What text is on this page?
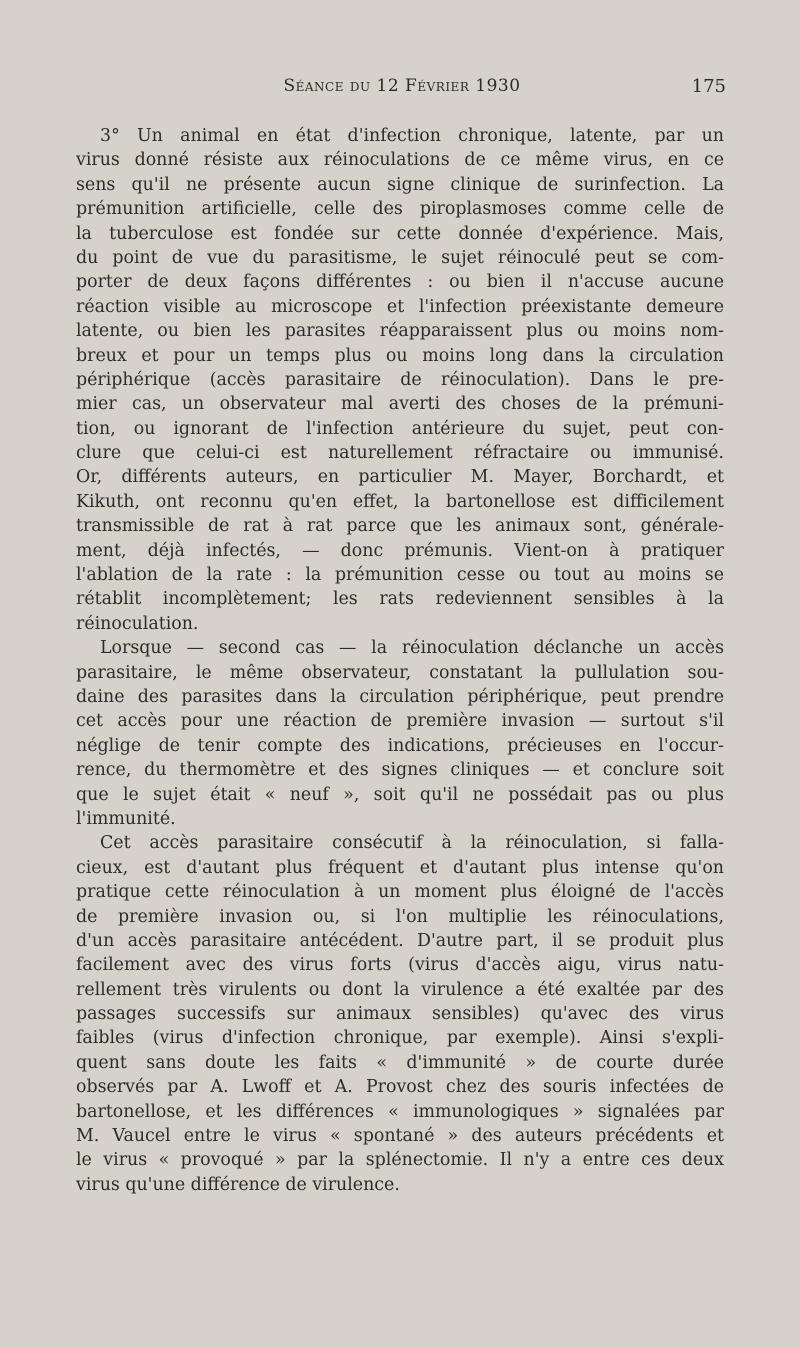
Séance du 12 Février 1930	175
3° Un animal en état d'infection chronique, latente, par un
virus donné résiste aux réinoculations de ce même virus, en ce
sens qu'il ne présente aucun signe clinique de surinfection. La
prémunition artificielle, celle des piroplasmoses comme celle de
la tuberculose est fondée sur cette donnée d'expérience. Mais,
du point de vue du parasitisme, le sujet réinoculé peut se com-
porter de deux façons différentes : ou bien il n'accuse aucune
réaction visible au microscope et l'infection préexistante demeure
latente, ou bien les parasites réapparaissent plus ou moins nom-
breux et pour un temps plus ou moins long dans la circulation
périphérique (accès parasitaire de réinoculation). Dans le pre-
mier cas, un observateur mal averti des choses de la prémuni-
tion, ou ignorant de l'infection antérieure du sujet, peut con-
clure que celui-ci est naturellement réfractaire ou immunisé.
Or, différents auteurs, en particulier M. Mayer, Borchardt, et
Kikuth, ont reconnu qu'en effet, la bartonellose est difficilement
transmissible de rat à rat parce que les animaux sont, générale-
ment, déjà infectés, — donc prémunis. Vient-on à pratiquer
l'ablation de la rate : la prémunition cesse ou tout au moins se
rétablit incomplètement; les rats redeviennent sensibles à la
réinoculation.
Lorsque — second cas — la réinoculation déclanche un accès
parasitaire, le même observateur, constatant la pullulation sou-
daine des parasites dans la circulation périphérique, peut prendre
cet accès pour une réaction de première invasion — surtout s'il
néglige de tenir compte des indications, précieuses en l'occur-
rence, du thermomètre et des signes cliniques — et conclure soit
que le sujet était « neuf », soit qu'il ne possédait pas ou plus
l'immunité.
Cet accès parasitaire consécutif à la réinoculation, si falla-
cieux, est d'autant plus fréquent et d'autant plus intense qu'on
pratique cette réinoculation à un moment plus éloigné de l'accès
de première invasion ou, si l'on multiplie les réinoculations,
d'un accès parasitaire antécédent. D'autre part, il se produit plus
facilement avec des virus forts (virus d'accès aigu, virus natu-
rellement très virulents ou dont la virulence a été exaltée par des
passages successifs sur animaux sensibles) qu'avec des virus
faibles (virus d'infection chronique, par exemple). Ainsi s'expli-
quent sans doute les faits « d'immunité » de courte durée
observés par A. Lwoff et A. Provost chez des souris infectées de
bartonellose, et les différences « immunologiques » signalées par
M. Vaucel entre le virus « spontané » des auteurs précédents et
le virus « provoqué » par la splénectomie. Il n'y a entre ces deux
virus qu'une différence de virulence.
